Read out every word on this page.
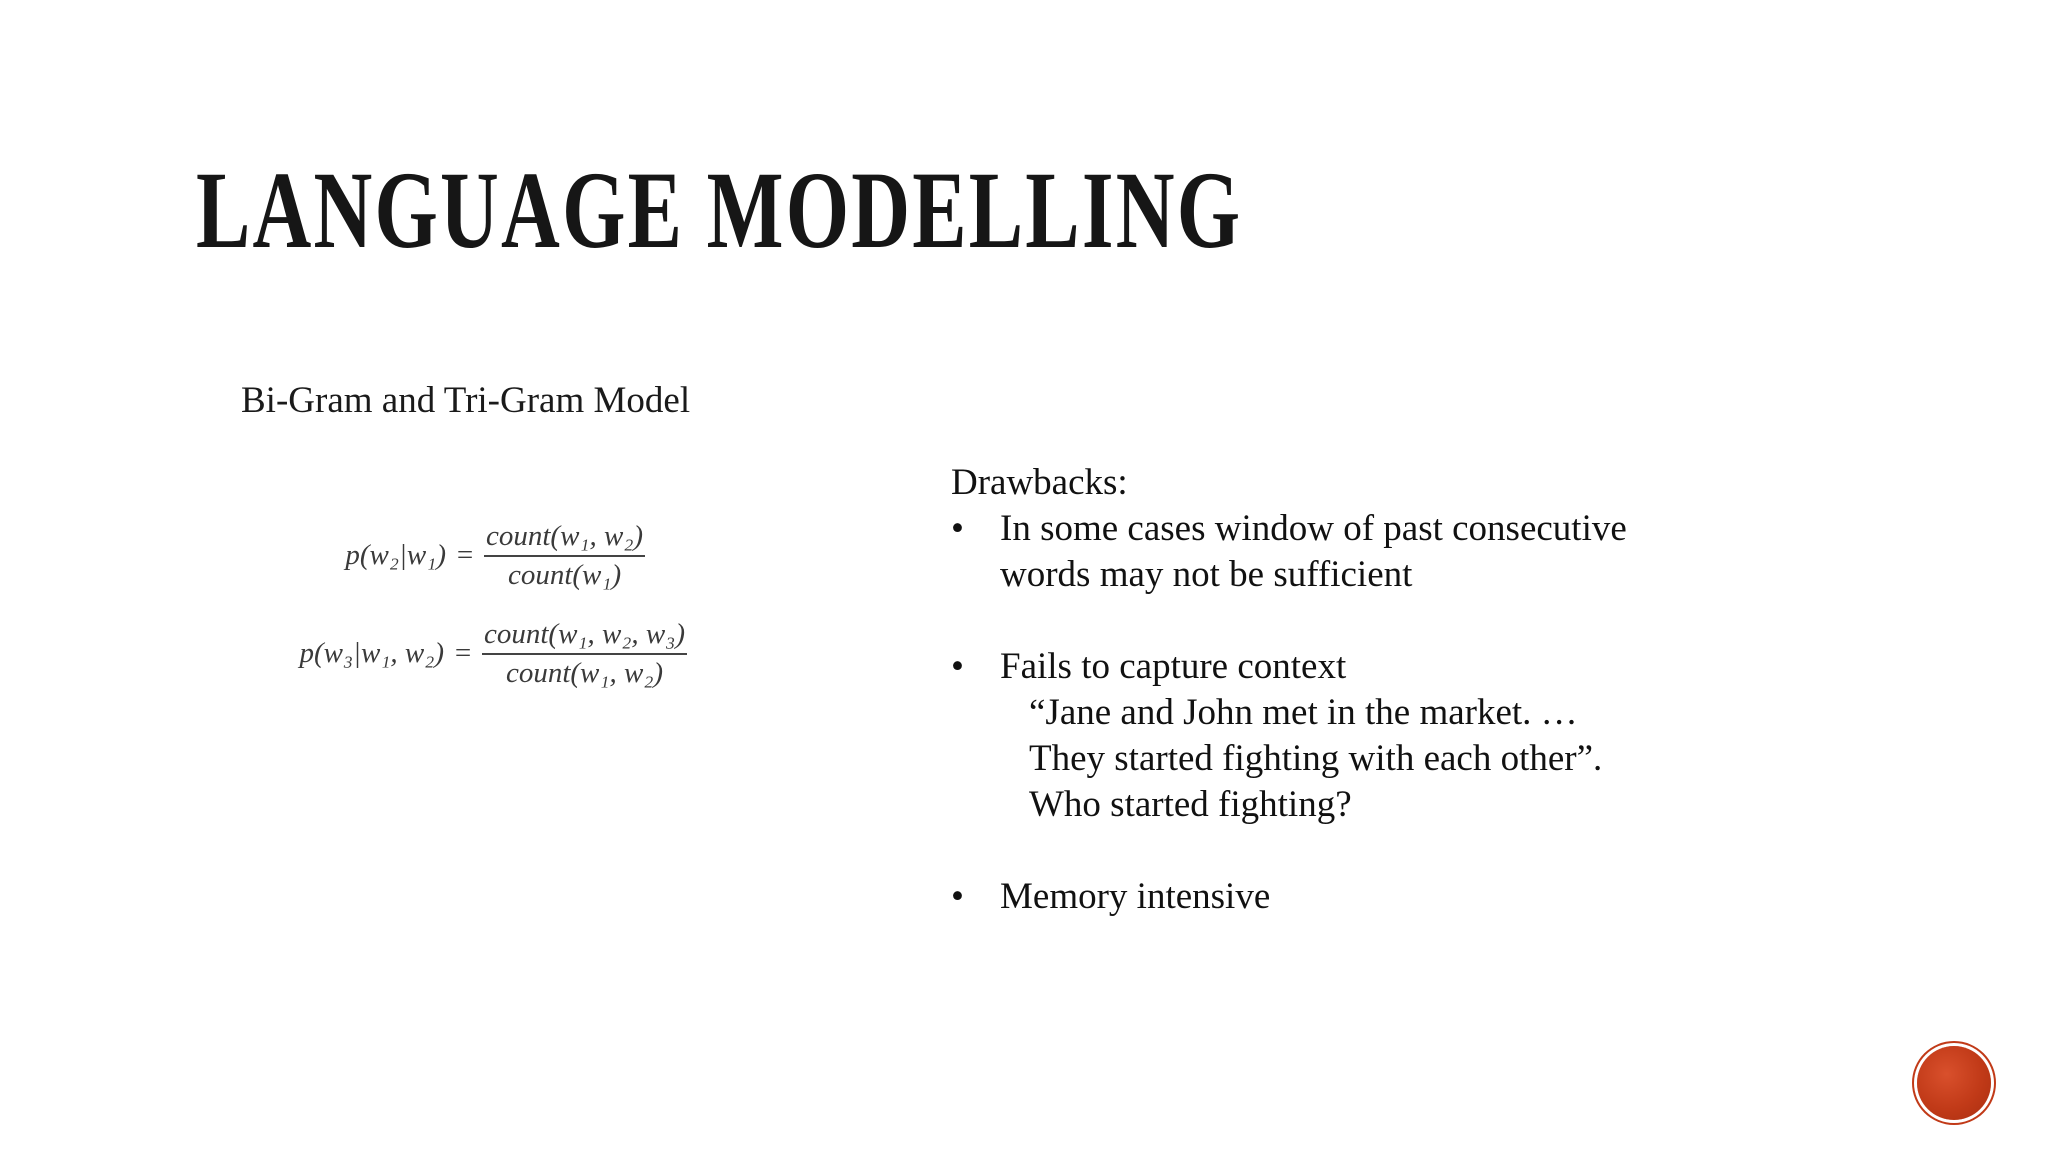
LANGUAGE MODELLING

Bi-Gram and Tri-Gram Model

$p(w_2|w_1) = \frac{\text{count(w₁, w₂)}}{\text{count(w₁)}}$
p(w₃|w₁, $w_2) = \frac{\text{count(w₁, w₂, w₃)}}{\text{count(w₁, w₂)}}$

Drawbacks:

• In some cases window of past consecutive
words may not be sufficient
• Fails to capture context
“Jane and John met in the market. …
They started fighting with each other”.
Who started fighting?
• Memory intensive
